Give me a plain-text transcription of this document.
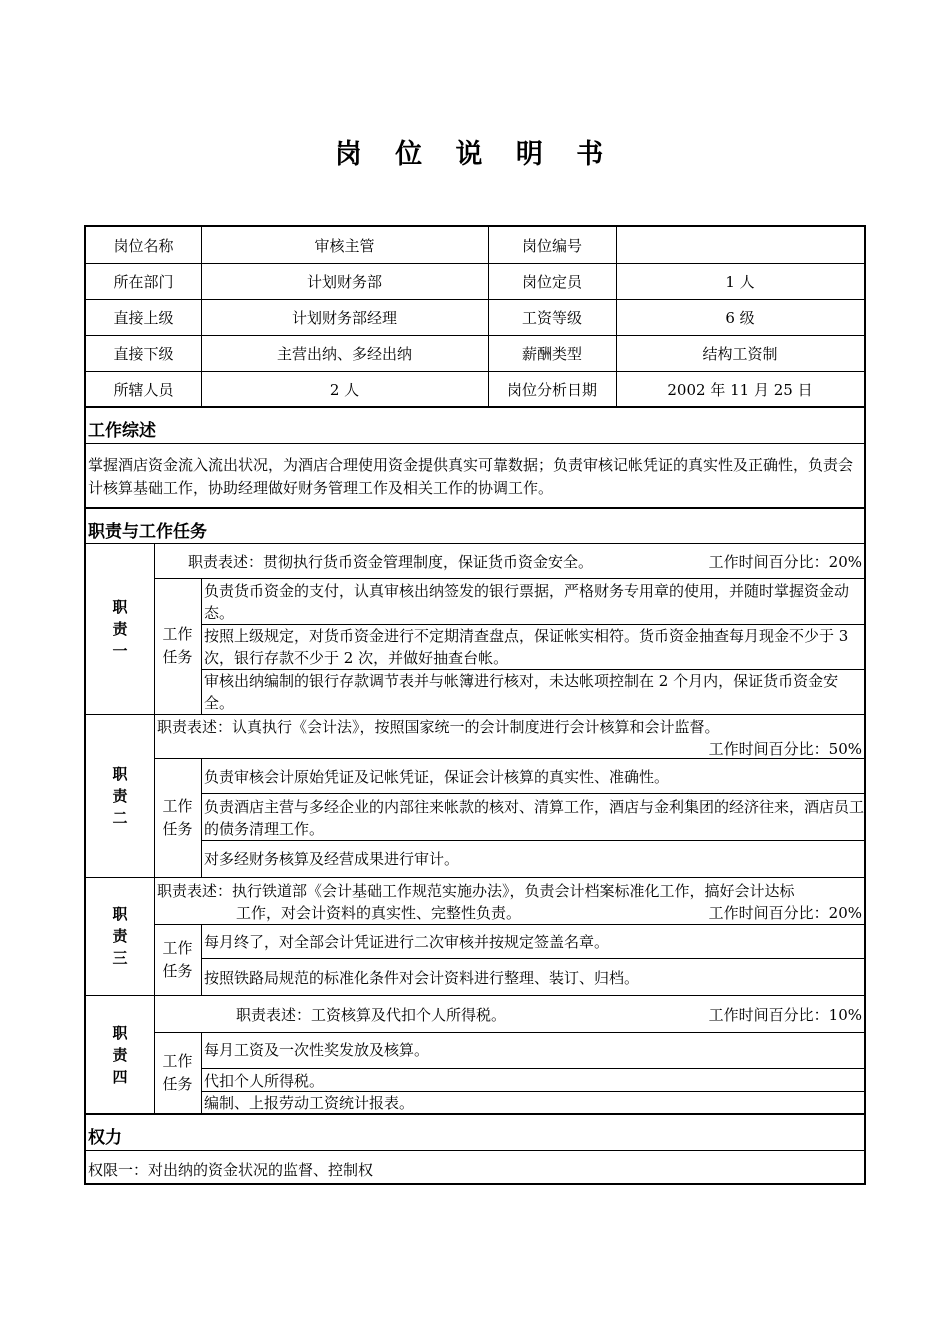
岗 位 说 明 书
岗位名称	审核主管	岗位编号
所在部门	计划财务部	岗位定员	1 人
直接上级	计划财务部经理	工资等级	6 级
直接下级	主营出纳、多经出纳	薪酬类型	结构工资制
所辖人员	2 人	岗位分析日期	2002 年 11 月 25 日
工作综述
掌握酒店资金流入流出状况，为酒店合理使用资金提供真实可靠数据；负责审核记帐凭证的真实性及正确性，负责会计核算基础工作，协助经理做好财务管理工作及相关工作的协调工作。
职责与工作任务
职
责
一
职责表述：贯彻执行货币资金管理制度，保证货币资金安全。	工作时间百分比：20%
工作
任务
负责货币资金的支付，认真审核出纳签发的银行票据，严格财务专用章的使用，并随时掌握资金动态。
按照上级规定，对货币资金进行不定期清查盘点，保证帐实相符。货币资金抽查每月现金不少于 3 次，银行存款不少于 2 次，并做好抽查台帐。
审核出纳编制的银行存款调节表并与帐簿进行核对，未达帐项控制在 2 个月内，保证货币资金安全。
职
责
二
职责表述：认真执行《会计法》，按照国家统一的会计制度进行会计核算和会计监督。
工作时间百分比：50%
工作
任务
负责审核会计原始凭证及记帐凭证，保证会计核算的真实性、准确性。
负责酒店主营与多经企业的内部往来帐款的核对、清算工作，酒店与金利集团的经济往来，酒店员工的债务清理工作。
对多经财务核算及经营成果进行审计。
职
责
三
职责表述：执行铁道部《会计基础工作规范实施办法》，负责会计档案标准化工作，搞好会计达标
工作，对会计资料的真实性、完整性负责。	工作时间百分比：20%
工作
任务
每月终了，对全部会计凭证进行二次审核并按规定签盖名章。
按照铁路局规范的标准化条件对会计资料进行整理、装订、归档。
职
责
四
职责表述：工资核算及代扣个人所得税。	工作时间百分比：10%
工作
任务
每月工资及一次性奖发放及核算。
代扣个人所得税。
编制、上报劳动工资统计报表。
权力
权限一：对出纳的资金状况的监督、控制权
